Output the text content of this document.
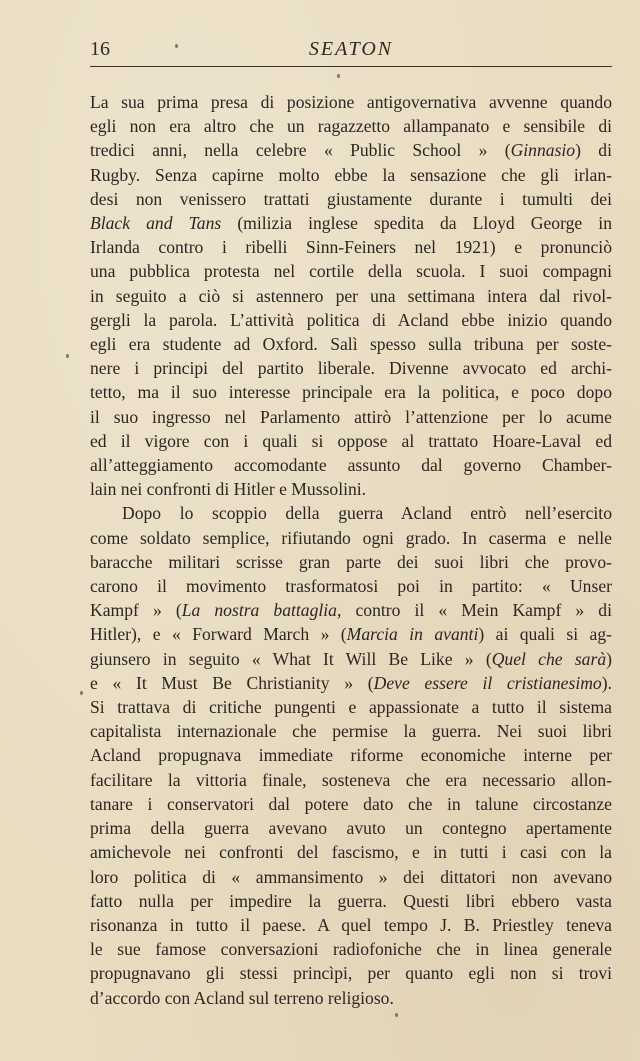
16	SEATON

La sua prima presa di posizione antigovernativa avvenne quando
egli non era altro che un ragazzetto allampanato e sensibile di
tredici anni, nella celebre « Public School » (Ginnasio) di
Rugby. Senza capirne molto ebbe la sensazione che gli irlan-
desi non venissero trattati giustamente durante i tumulti dei
Black and Tans (milizia inglese spedita da Lloyd George in
Irlanda contro i ribelli Sinn-Feiners nel 1921) e pronunciò
una pubblica protesta nel cortile della scuola. I suoi compagni
in seguito a ciò si astennero per una settimana intera dal rivol-
gergli la parola. L’attività politica di Acland ebbe inizio quando
egli era studente ad Oxford. Salì spesso sulla tribuna per soste-
nere i principi del partito liberale. Divenne avvocato ed archi-
tetto, ma il suo interesse principale era la politica, e poco dopo
il suo ingresso nel Parlamento attirò l’attenzione per lo acume
ed il vigore con i quali si oppose al trattato Hoare-Laval ed
all’atteggiamento accomodante assunto dal governo Chamber-
lain nei confronti di Hitler e Mussolini.

Dopo lo scoppio della guerra Acland entrò nell’esercito
come soldato semplice, rifiutando ogni grado. In caserma e nelle
baracche militari scrisse gran parte dei suoi libri che provo-
carono il movimento trasformatosi poi in partito: « Unser
Kampf » (La nostra battaglia, contro il « Mein Kampf » di
Hitler), e « Forward March » (Marcia in avanti) ai quali si ag-
giunsero in seguito « What It Will Be Like » (Quel che sarà)
e « It Must Be Christianity » (Deve essere il cristianesimo).
Si trattava di critiche pungenti e appassionate a tutto il sistema
capitalista internazionale che permise la guerra. Nei suoi libri
Acland propugnava immediate riforme economiche interne per
facilitare la vittoria finale, sosteneva che era necessario allon-
tanare i conservatori dal potere dato che in talune circostanze
prima della guerra avevano avuto un contegno apertamente
amichevole nei confronti del fascismo, e in tutti i casi con la
loro politica di « ammansimento » dei dittatori non avevano
fatto nulla per impedire la guerra. Questi libri ebbero vasta
risonanza in tutto il paese. A quel tempo J. B. Priestley teneva
le sue famose conversazioni radiofoniche che in linea generale
propugnavano gli stessi princìpi, per quanto egli non si trovi
d’accordo con Acland sul terreno religioso.
